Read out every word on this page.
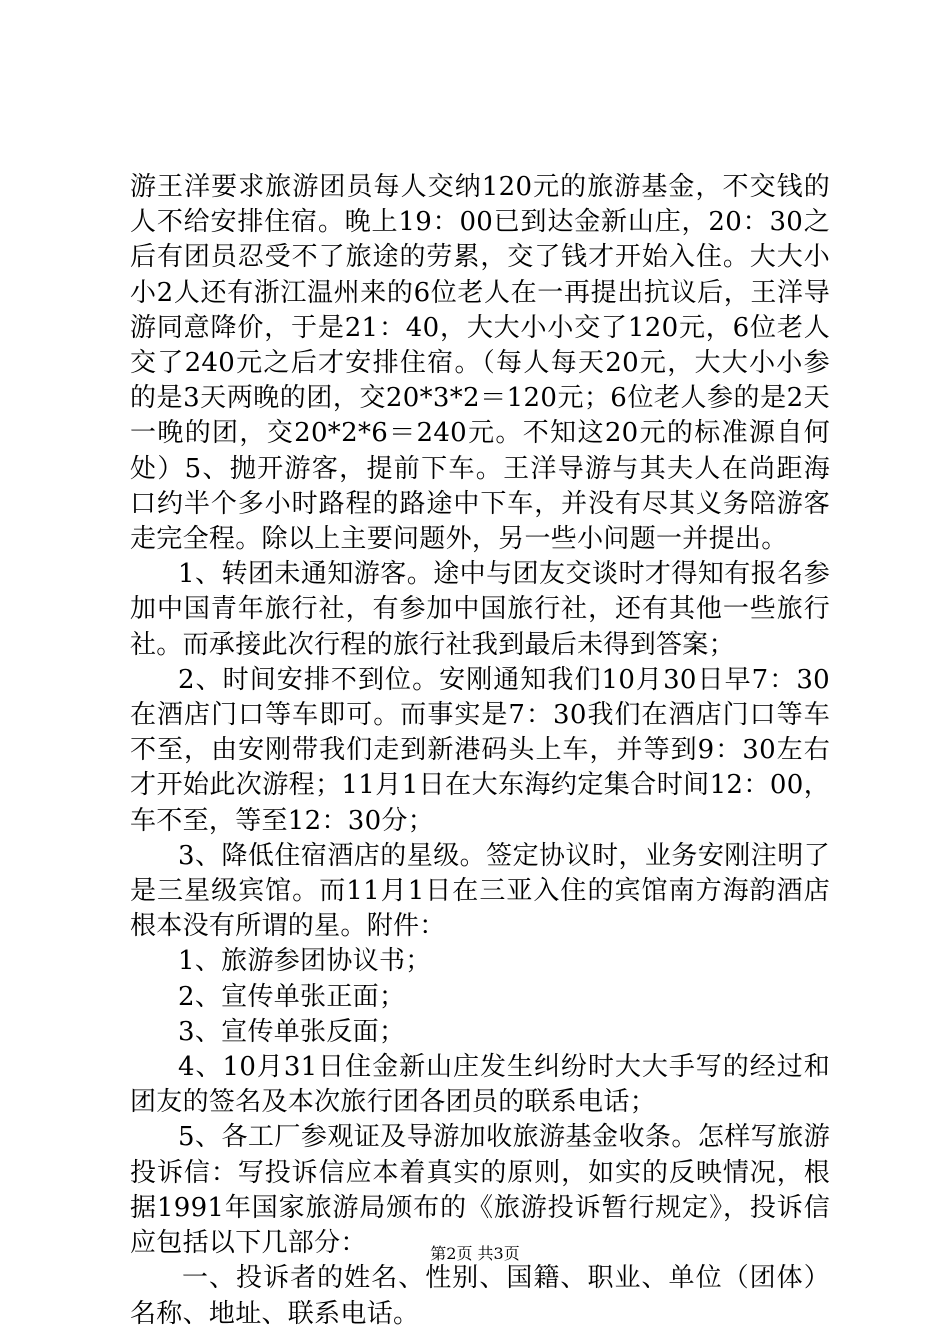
游王洋要求旅游团员每人交纳120元的旅游基金，不交钱的人不给安排住宿。晚上19：00已到达金新山庄，20：30之后有团员忍受不了旅途的劳累，交了钱才开始入住。大大小小2人还有浙江温州来的6位老人在一再提出抗议后，王洋导游同意降价，于是21：40，大大小小交了120元，6位老人交了240元之后才安排住宿。（每人每天20元，大大小小参的是3天两晚的团，交20*3*2＝120元；6位老人参的是2天一晚的团，交20*2*6＝240元。不知这20元的标准源自何处）5、抛开游客，提前下车。王洋导游与其夫人在尚距海口约半个多小时路程的路途中下车，并没有尽其义务陪游客走完全程。除以上主要问题外，另一些小问题一并提出。

1、转团未通知游客。途中与团友交谈时才得知有报名参加中国青年旅行社，有参加中国旅行社，还有其他一些旅行社。而承接此次行程的旅行社我到最后未得到答案；

2、时间安排不到位。安刚通知我们10月30日早7：30在酒店门口等车即可。而事实是7：30我们在酒店门口等车不至，由安刚带我们走到新港码头上车，并等到9：30左右才开始此次游程；11月1日在大东海约定集合时间12：00，车不至，等至12：30分；

3、降低住宿酒店的星级。签定协议时，业务安刚注明了是三星级宾馆。而11月1日在三亚入住的宾馆南方海韵酒店根本没有所谓的星。附件：

1、旅游参团协议书；

2、宣传单张正面；

3、宣传单张反面；

4、10月31日住金新山庄发生纠纷时大大手写的经过和团友的签名及本次旅行团各团员的联系电话；

5、各工厂参观证及导游加收旅游基金收条。怎样写旅游投诉信：写投诉信应本着真实的原则，如实的反映情况，根据1991年国家旅游局颁布的《旅游投诉暂行规定》，投诉信应包括以下几部分：

一、投诉者的姓名、性别、国籍、职业、单位（团体）名称、地址、联系电话。

第2页 共3页
